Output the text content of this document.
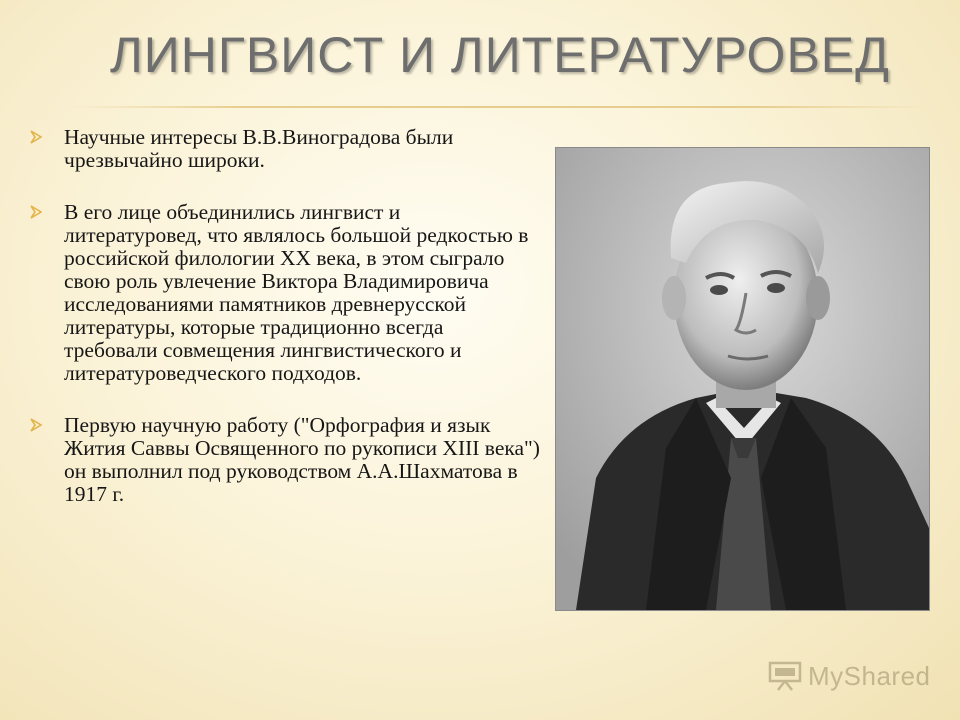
ЛИНГВИСТ И ЛИТЕРАТУРОВЕД
Научные интересы В.В.Виноградова были чрезвычайно широки.
В его лице объединились лингвист и литературовед, что являлось большой редкостью в российской филологии XX века, в этом сыграло свою роль увлечение Виктора Владимировича исследованиями памятников древнерусской литературы, которые традиционно всегда требовали совмещения лингвистического и литературоведческого подходов.
Первую научную работу ("Орфография и язык Жития Саввы Освященного по рукописи XIII века") он выполнил под руководством А.А.Шахматова в 1917 г.
MyShared
